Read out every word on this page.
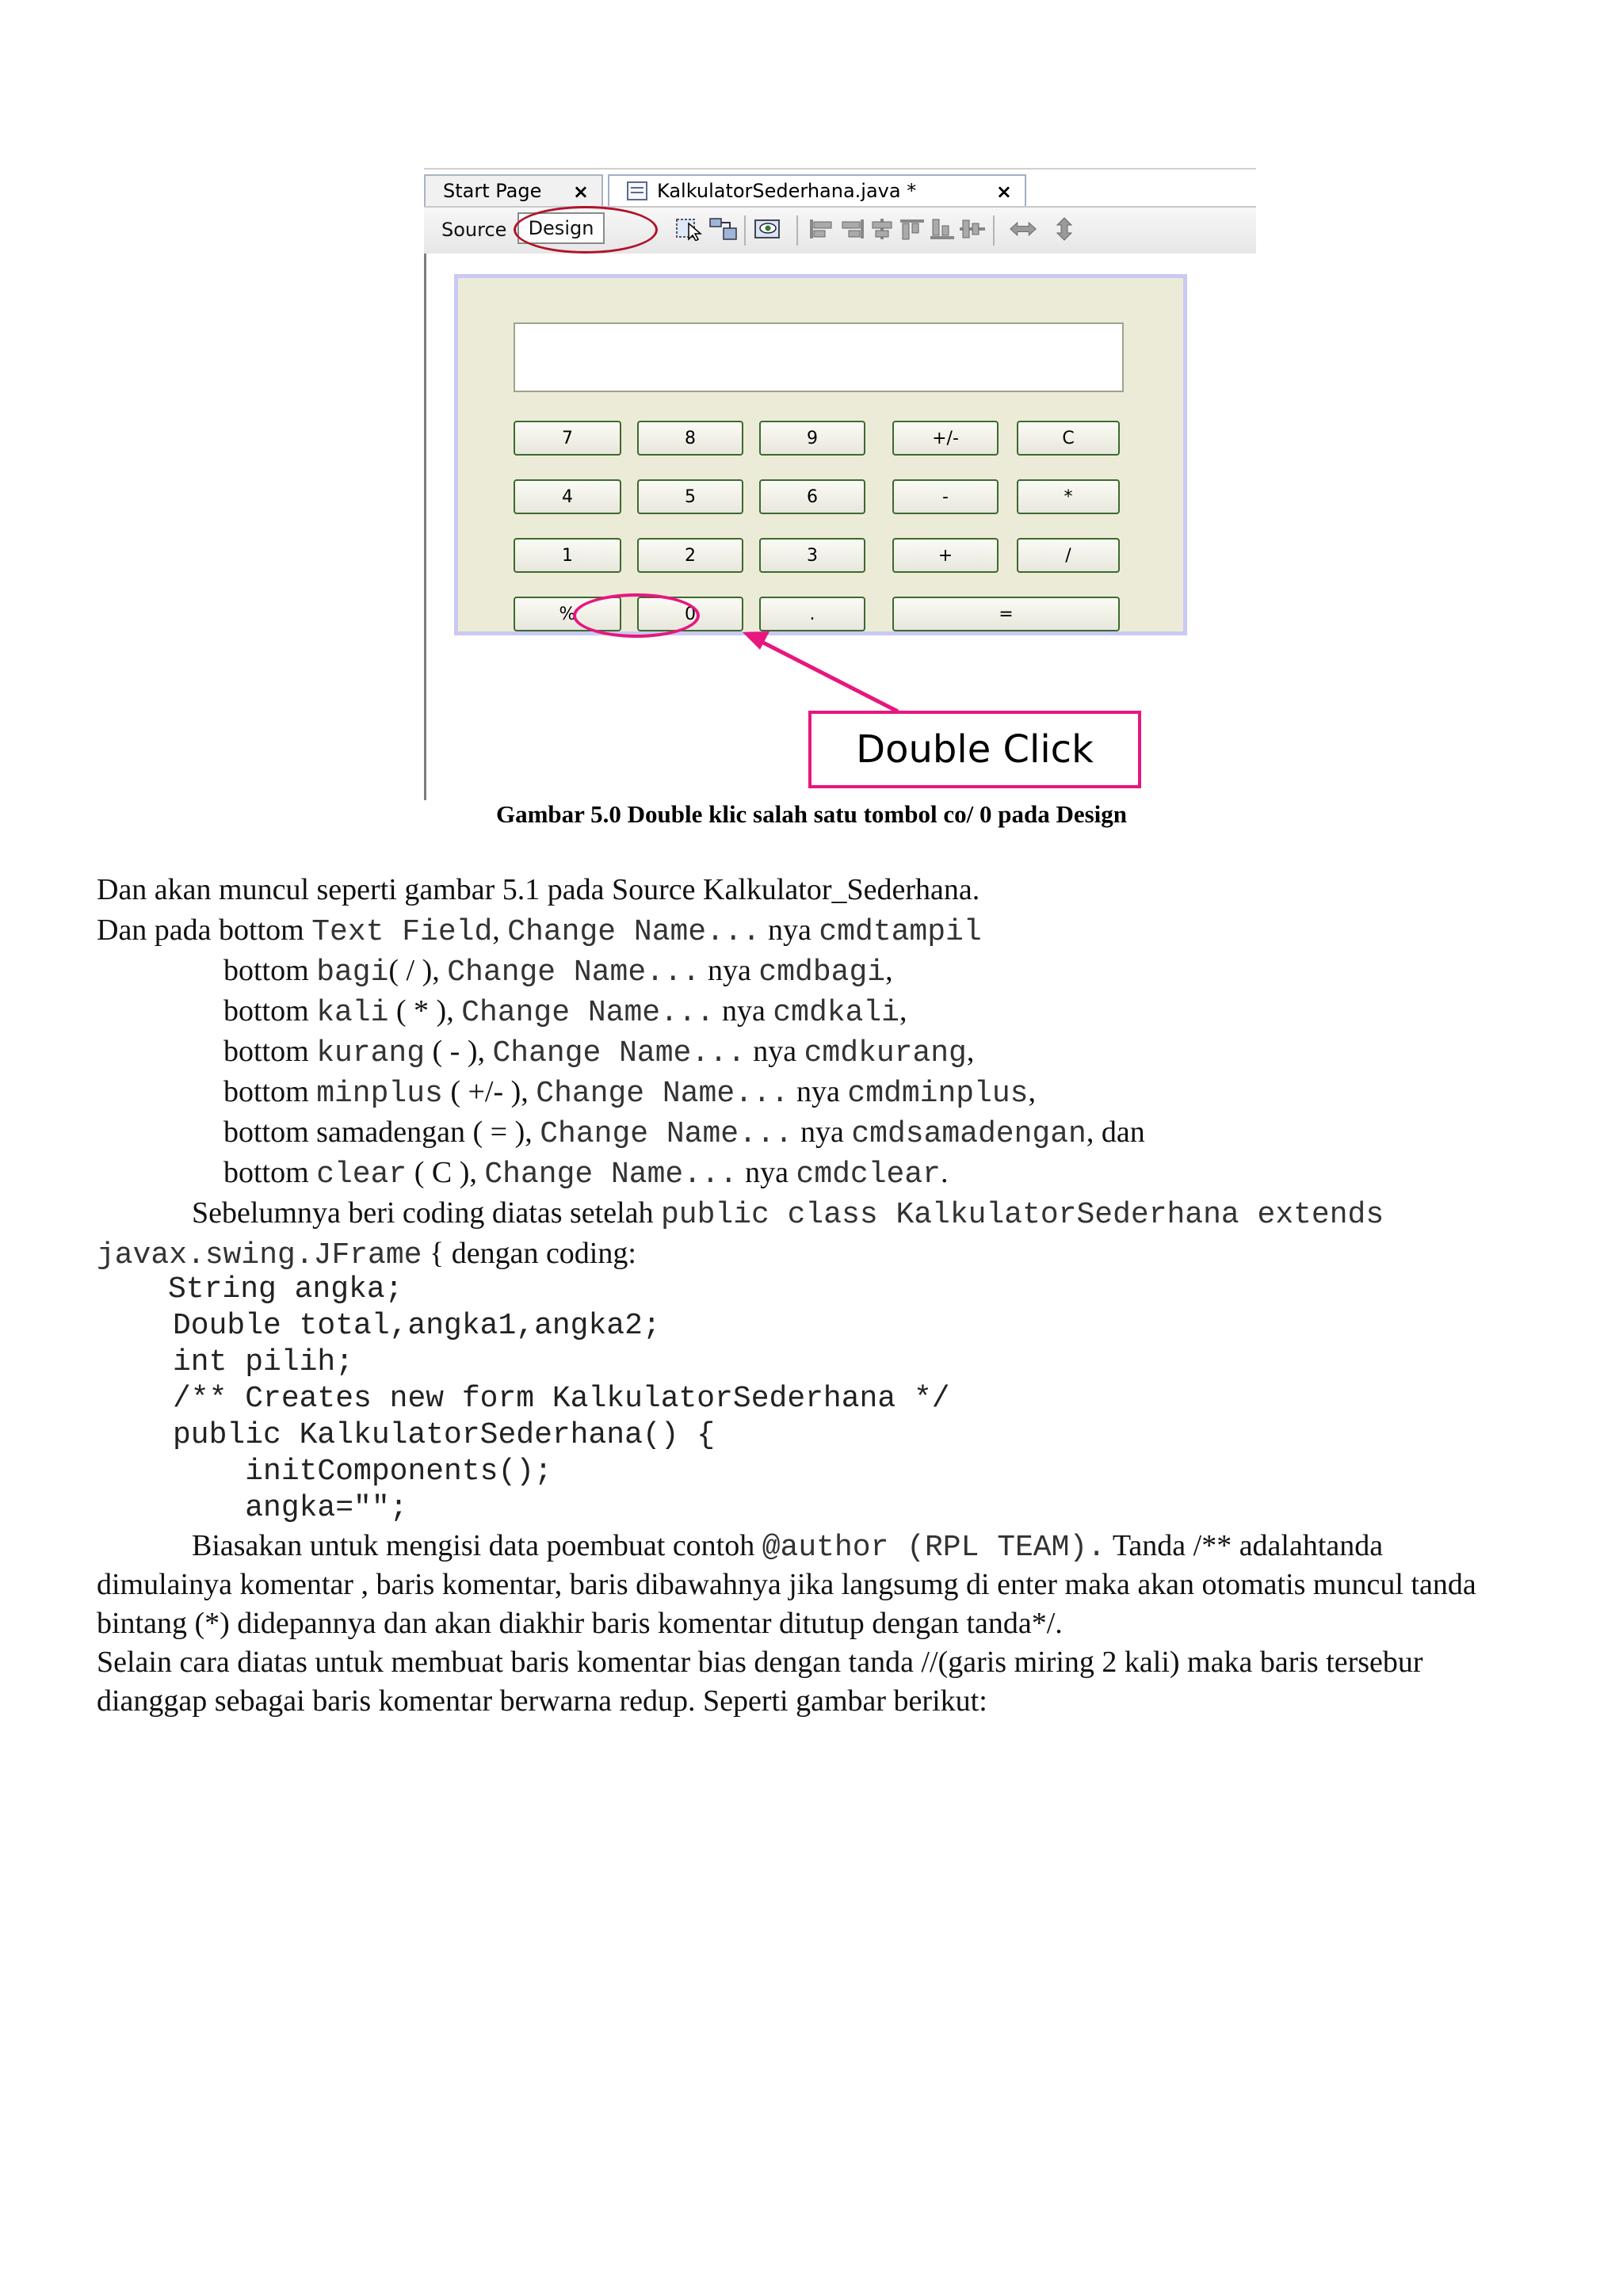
Start Page ×	KalkulatorSederhana.java *	×
Source	Design
7	8	9	+/-	C
4	5	6	-	*
1	2	3	+	/
%	0	.	=
Double Click
Gambar 5.0 Double klic salah satu tombol co/ 0 pada Design
Dan akan muncul seperti gambar 5.1 pada Source Kalkulator_Sederhana.
Dan pada bottom Text Field, Change Name... nya cmdtampil
bottom bagi( / ), Change Name... nya cmdbagi,
bottom kali ( * ), Change Name... nya cmdkali,
bottom kurang ( - ), Change Name... nya cmdkurang,
bottom minplus ( +/- ), Change Name... nya cmdminplus,
bottom samadengan ( = ), Change Name... nya cmdsamadengan, dan
bottom clear ( C ), Change Name... nya cmdclear.
Sebelumnya beri coding diatas setelah public class KalkulatorSederhana extends
javax.swing.JFrame { dengan coding:
String angka;
Double total,angka1,angka2;
int pilih;
/** Creates new form KalkulatorSederhana */
public KalkulatorSederhana() {
initComponents();
angka="";
Biasakan untuk mengisi data poembuat contoh @author (RPL TEAM). Tanda /** adalahtanda
dimulainya komentar , baris komentar, baris dibawahnya jika langsumg di enter maka akan otomatis muncul tanda
bintang (*) didepannya dan akan diakhir baris komentar ditutup dengan tanda*/.
Selain cara diatas untuk membuat baris komentar bias dengan tanda //(garis miring 2 kali) maka baris tersebur
dianggap sebagai baris komentar berwarna redup. Seperti gambar berikut:
